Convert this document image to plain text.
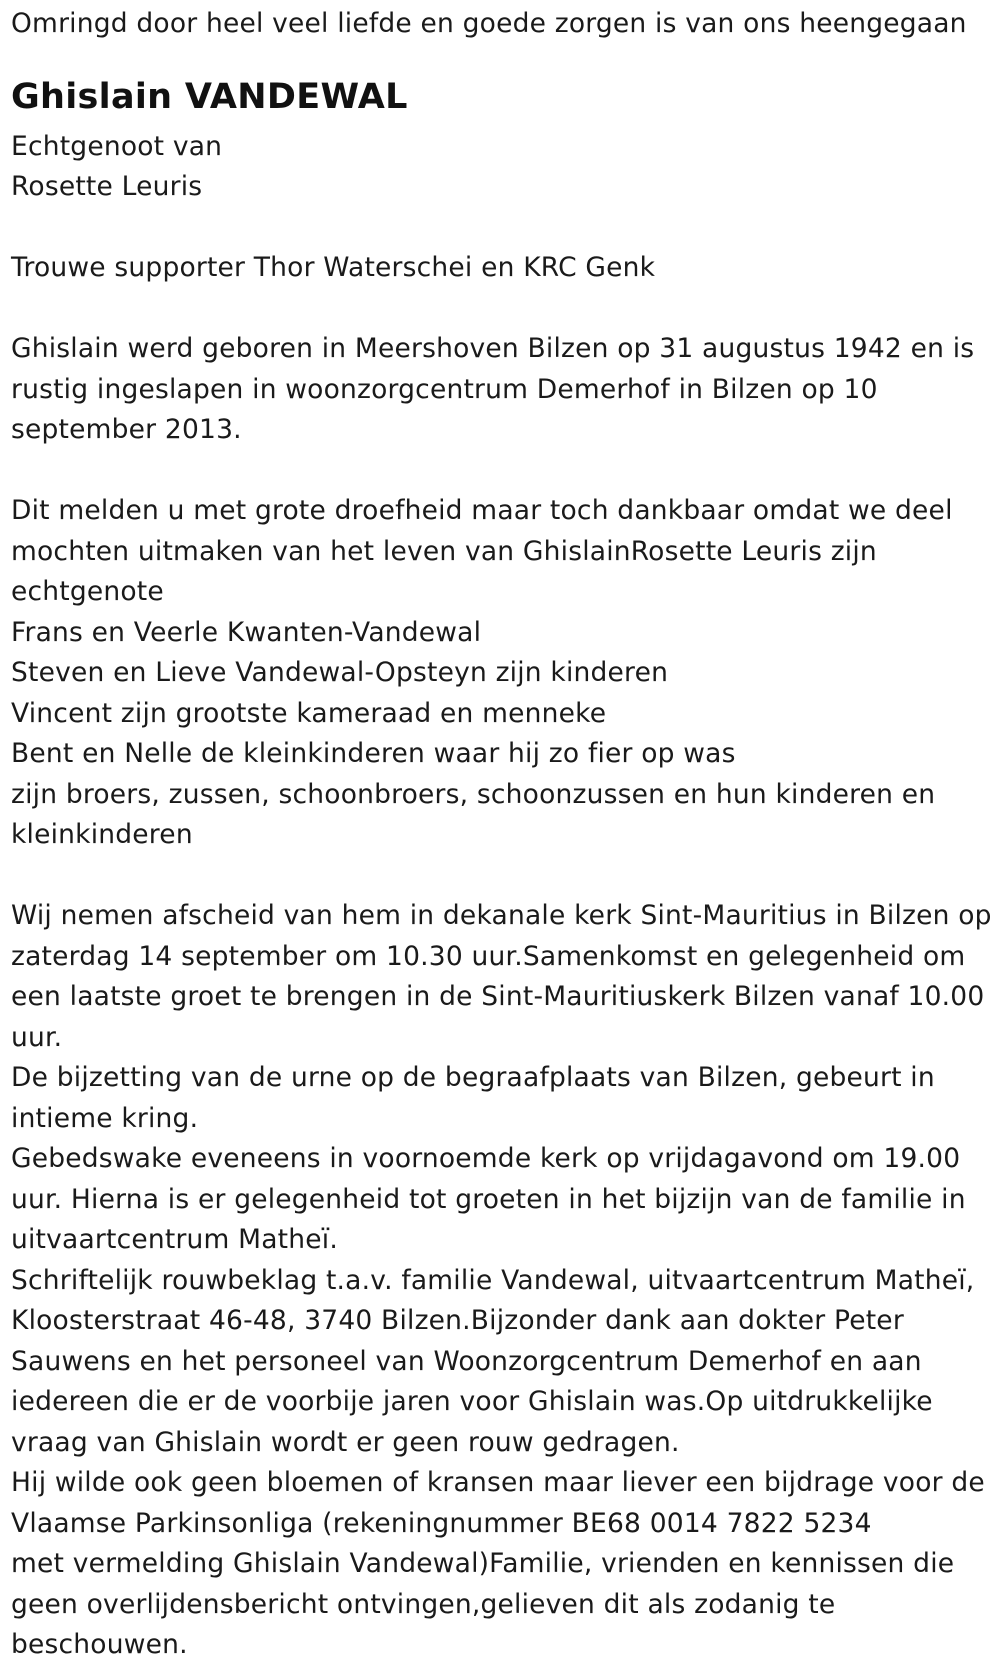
Omringd door heel veel liefde en goede zorgen is van ons heengegaan
Ghislain VANDEWAL
Echtgenoot van
Rosette Leuris
Trouwe supporter Thor Waterschei en KRC Genk
Ghislain werd geboren in Meershoven Bilzen op 31 augustus 1942 en is
rustig ingeslapen in woonzorgcentrum Demerhof in Bilzen op 10
september 2013.
Dit melden u met grote droefheid maar toch dankbaar omdat we deel
mochten uitmaken van het leven van GhislainRosette Leuris zijn
echtgenote
Frans en Veerle Kwanten-Vandewal
Steven en Lieve Vandewal-Opsteyn zijn kinderen
Vincent zijn grootste kameraad en menneke
Bent en Nelle de kleinkinderen waar hij zo fier op was
zijn broers, zussen, schoonbroers, schoonzussen en hun kinderen en
kleinkinderen
Wij nemen afscheid van hem in dekanale kerk Sint-Mauritius in Bilzen op
zaterdag 14 september om 10.30 uur.Samenkomst en gelegenheid om
een laatste groet te brengen in de Sint-Mauritiuskerk Bilzen vanaf 10.00
uur.
De bijzetting van de urne op de begraafplaats van Bilzen, gebeurt in
intieme kring.
Gebedswake eveneens in voornoemde kerk op vrijdagavond om 19.00
uur. Hierna is er gelegenheid tot groeten in het bijzijn van de familie in
uitvaartcentrum Matheï.
Schriftelijk rouwbeklag t.a.v. familie Vandewal, uitvaartcentrum Matheï,
Kloosterstraat 46-48, 3740 Bilzen.Bijzonder dank aan dokter Peter
Sauwens en het personeel van Woonzorgcentrum Demerhof en aan
iedereen die er de voorbije jaren voor Ghislain was.Op uitdrukkelijke
vraag van Ghislain wordt er geen rouw gedragen.
Hij wilde ook geen bloemen of kransen maar liever een bijdrage voor de
Vlaamse Parkinsonliga (rekeningnummer BE68 0014 7822 5234
met vermelding Ghislain Vandewal)Familie, vrienden en kennissen die
geen overlijdensbericht ontvingen,gelieven dit als zodanig te
beschouwen.
